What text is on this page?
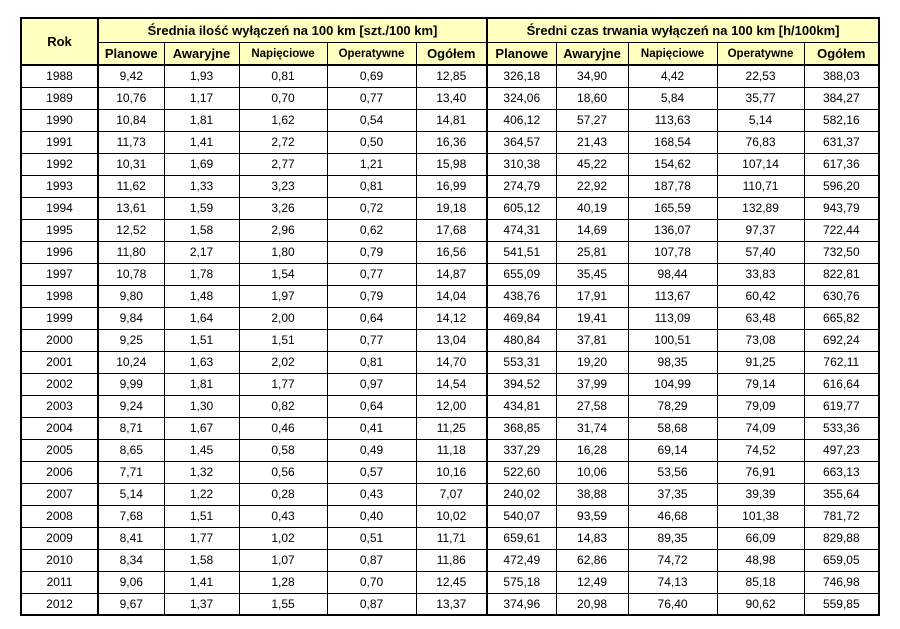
Rok	Średnia ilość wyłączeń na 100 km [szt./100 km]					Średni czas trwania wyłączeń na 100 km [h/100km]				
	Planowe	Awaryjne	Napięciowe	Operatywne	Ogółem	Planowe	Awaryjne	Napięciowe	Operatywne	Ogółem
1988	9,42	1,93	0,81	0,69	12,85	326,18	34,90	4,42	22,53	388,03
1989	10,76	1,17	0,70	0,77	13,40	324,06	18,60	5,84	35,77	384,27
1990	10,84	1,81	1,62	0,54	14,81	406,12	57,27	113,63	5,14	582,16
1991	11,73	1,41	2,72	0,50	16,36	364,57	21,43	168,54	76,83	631,37
1992	10,31	1,69	2,77	1,21	15,98	310,38	45,22	154,62	107,14	617,36
1993	11,62	1,33	3,23	0,81	16,99	274,79	22,92	187,78	110,71	596,20
1994	13,61	1,59	3,26	0,72	19,18	605,12	40,19	165,59	132,89	943,79
1995	12,52	1,58	2,96	0,62	17,68	474,31	14,69	136,07	97,37	722,44
1996	11,80	2,17	1,80	0,79	16,56	541,51	25,81	107,78	57,40	732,50
1997	10,78	1,78	1,54	0,77	14,87	655,09	35,45	98,44	33,83	822,81
1998	9,80	1,48	1,97	0,79	14,04	438,76	17,91	113,67	60,42	630,76
1999	9,84	1,64	2,00	0,64	14,12	469,84	19,41	113,09	63,48	665,82
2000	9,25	1,51	1,51	0,77	13,04	480,84	37,81	100,51	73,08	692,24
2001	10,24	1,63	2,02	0,81	14,70	553,31	19,20	98,35	91,25	762,11
2002	9,99	1,81	1,77	0,97	14,54	394,52	37,99	104,99	79,14	616,64
2003	9,24	1,30	0,82	0,64	12,00	434,81	27,58	78,29	79,09	619,77
2004	8,71	1,67	0,46	0,41	11,25	368,85	31,74	58,68	74,09	533,36
2005	8,65	1,45	0,58	0,49	11,18	337,29	16,28	69,14	74,52	497,23
2006	7,71	1,32	0,56	0,57	10,16	522,60	10,06	53,56	76,91	663,13
2007	5,14	1,22	0,28	0,43	7,07	240,02	38,88	37,35	39,39	355,64
2008	7,68	1,51	0,43	0,40	10,02	540,07	93,59	46,68	101,38	781,72
2009	8,41	1,77	1,02	0,51	11,71	659,61	14,83	89,35	66,09	829,88
2010	8,34	1,58	1,07	0,87	11,86	472,49	62,86	74,72	48,98	659,05
2011	9,06	1,41	1,28	0,70	12,45	575,18	12,49	74,13	85,18	746,98
2012	9,67	1,37	1,55	0,87	13,37	374,96	20,98	76,40	90,62	559,85
